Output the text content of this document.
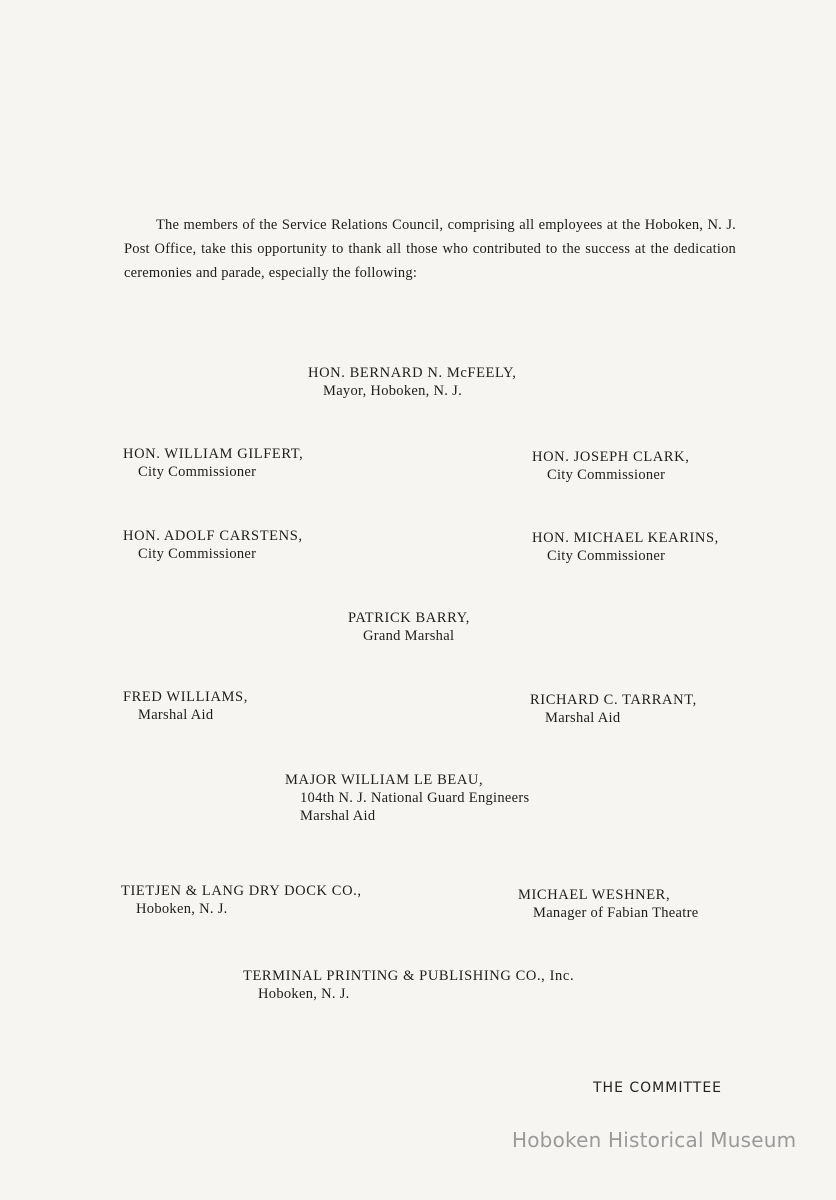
The members of the Service Relations Council, comprising all employees at the Hoboken, N. J. Post Office, take this opportunity to thank all those who contributed to the success at the dedication ceremonies and parade, especially the following:

HON. BERNARD N. McFEELY,
Mayor, Hoboken, N. J.
HON. WILLIAM GILFERT,
City Commissioner
HON. JOSEPH CLARK,
City Commissioner
HON. ADOLF CARSTENS,
City Commissioner
HON. MICHAEL KEARINS,
City Commissioner
PATRICK BARRY,
Grand Marshal
FRED WILLIAMS,
Marshal Aid
RICHARD C. TARRANT,
Marshal Aid
MAJOR WILLIAM LE BEAU,
104th N. J. National Guard Engineers
Marshal Aid
TIETJEN & LANG DRY DOCK CO.,
Hoboken, N. J.
MICHAEL WESHNER,
Manager of Fabian Theatre
TERMINAL PRINTING & PUBLISHING CO., Inc.
Hoboken, N. J.
THE COMMITTEE
Hoboken Historical Museum
